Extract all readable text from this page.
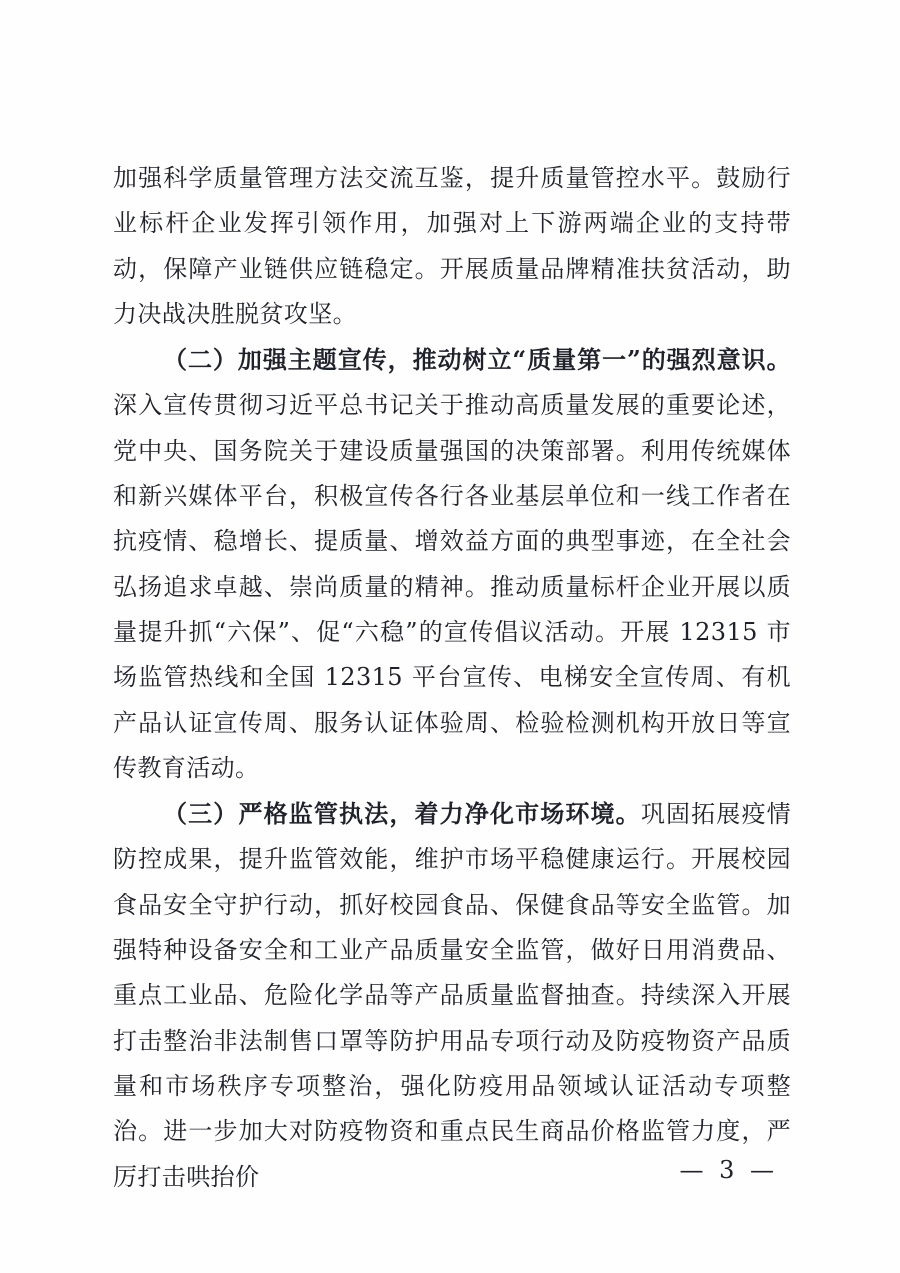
加强科学质量管理方法交流互鉴，提升质量管控水平。鼓励行业标杆企业发挥引领作用，加强对上下游两端企业的支持带动，保障产业链供应链稳定。开展质量品牌精准扶贫活动，助力决战决胜脱贫攻坚。

（二）加强主题宣传，推动树立“质量第一”的强烈意识。深入宣传贯彻习近平总书记关于推动高质量发展的重要论述，党中央、国务院关于建设质量强国的决策部署。利用传统媒体和新兴媒体平台，积极宣传各行各业基层单位和一线工作者在抗疫情、稳增长、提质量、增效益方面的典型事迹，在全社会弘扬追求卓越、崇尚质量的精神。推动质量标杆企业开展以质量提升抓“六保”、促“六稳”的宣传倡议活动。开展 12315 市场监管热线和全国 12315 平台宣传、电梯安全宣传周、有机产品认证宣传周、服务认证体验周、检验检测机构开放日等宣传教育活动。

（三）严格监管执法，着力净化市场环境。巩固拓展疫情防控成果，提升监管效能，维护市场平稳健康运行。开展校园食品安全守护行动，抓好校园食品、保健食品等安全监管。加强特种设备安全和工业产品质量安全监管，做好日用消费品、重点工业品、危险化学品等产品质量监督抽查。持续深入开展打击整治非法制售口罩等防护用品专项行动及防疫物资产品质量和市场秩序专项整治，强化防疫用品领域认证活动专项整治。进一步加大对防疫物资和重点民生商品价格监管力度，严厉打击哄抬价	— 3 —
